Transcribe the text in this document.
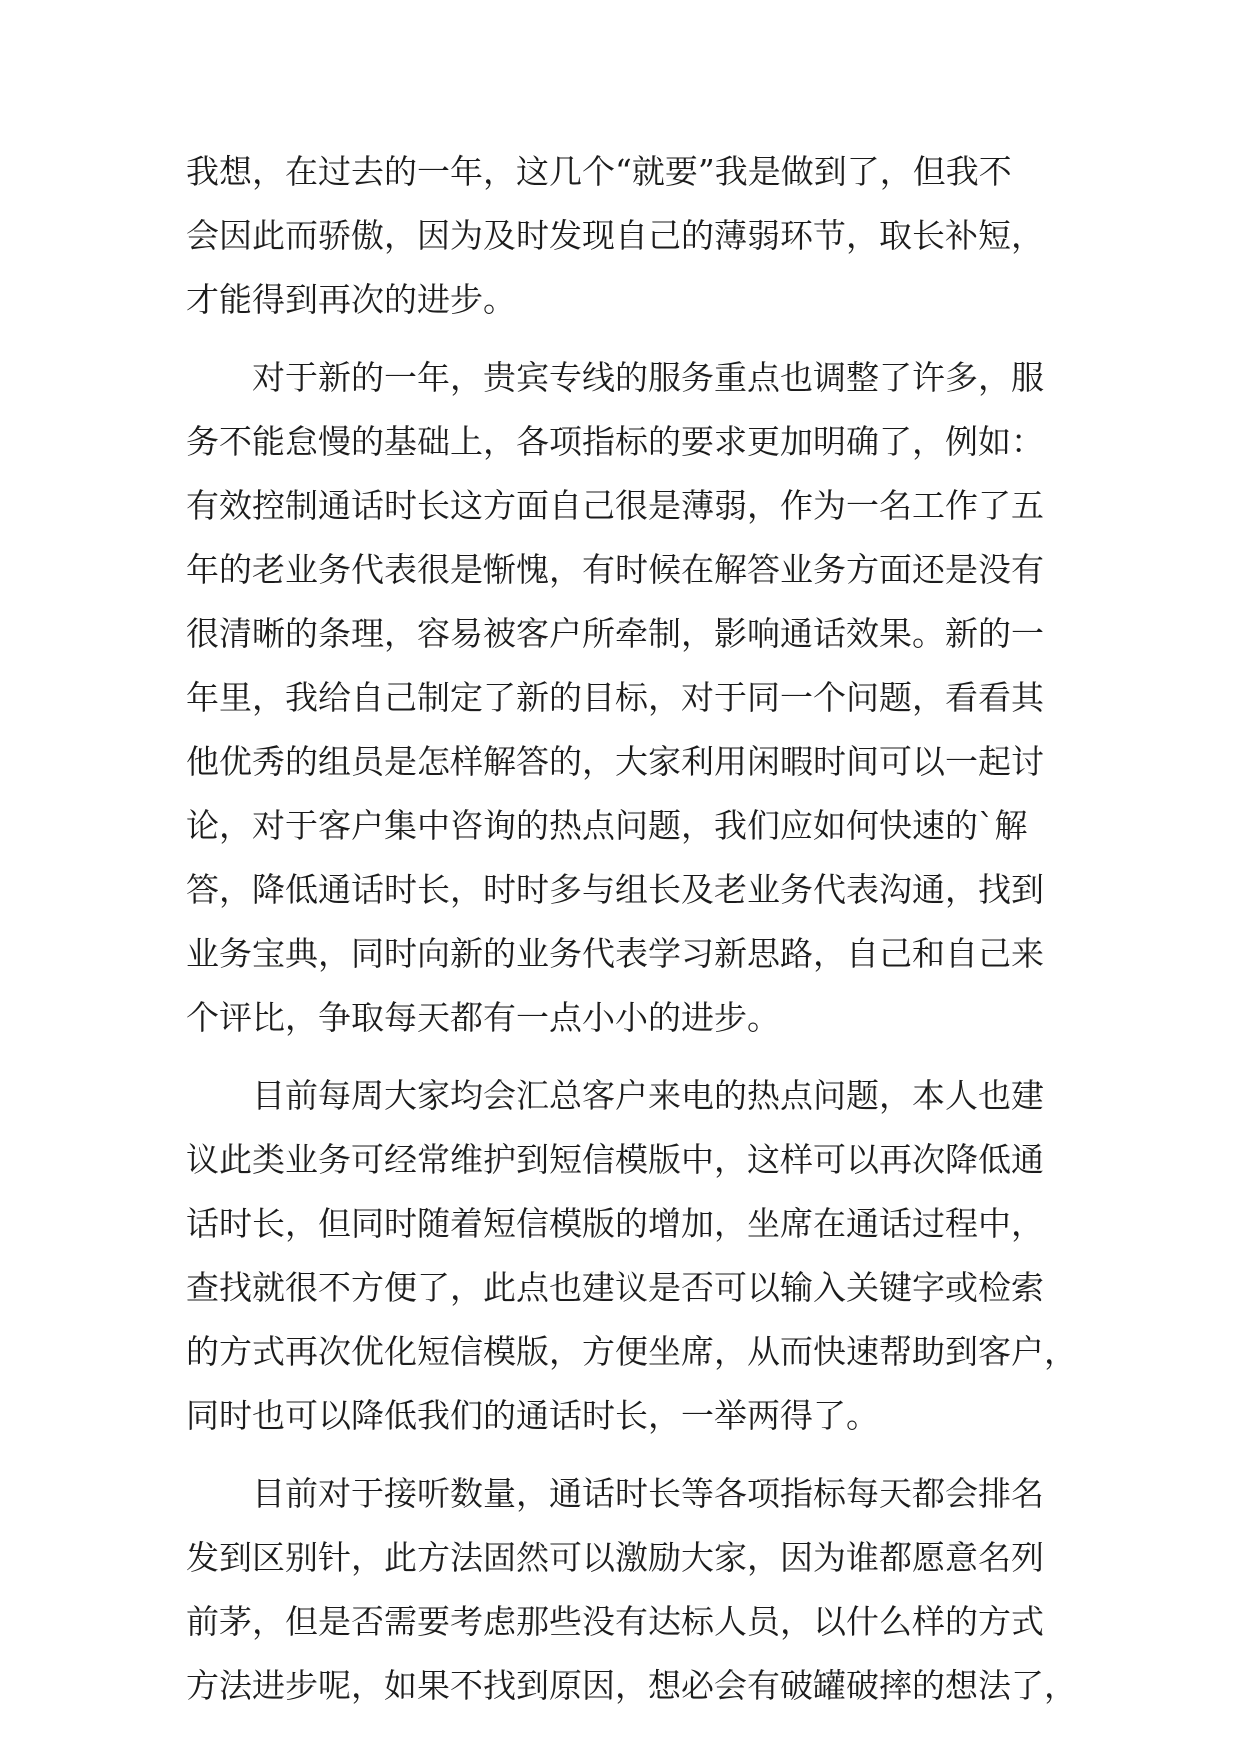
我想，在过去的一年，这几个“就要”我是做到了，但我不
会因此而骄傲，因为及时发现自己的薄弱环节，取长补短，
才能得到再次的进步。
对于新的一年，贵宾专线的服务重点也调整了许多，服
务不能怠慢的基础上，各项指标的要求更加明确了，例如：
有效控制通话时长这方面自己很是薄弱，作为一名工作了五
年的老业务代表很是惭愧，有时候在解答业务方面还是没有
很清晰的条理，容易被客户所牵制，影响通话效果。新的一
年里，我给自己制定了新的目标，对于同一个问题，看看其
他优秀的组员是怎样解答的，大家利用闲暇时间可以一起讨
论，对于客户集中咨询的热点问题，我们应如何快速的`解
答，降低通话时长，时时多与组长及老业务代表沟通，找到
业务宝典，同时向新的业务代表学习新思路，自己和自己来
个评比，争取每天都有一点小小的进步。
目前每周大家均会汇总客户来电的热点问题，本人也建
议此类业务可经常维护到短信模版中，这样可以再次降低通
话时长，但同时随着短信模版的增加，坐席在通话过程中，
查找就很不方便了，此点也建议是否可以输入关键字或检索
的方式再次优化短信模版，方便坐席，从而快速帮助到客户，
同时也可以降低我们的通话时长，一举两得了。
目前对于接听数量，通话时长等各项指标每天都会排名
发到区别针，此方法固然可以激励大家，因为谁都愿意名列
前茅，但是否需要考虑那些没有达标人员，以什么样的方式
方法进步呢，如果不找到原因，想必会有破罐破摔的想法了，
